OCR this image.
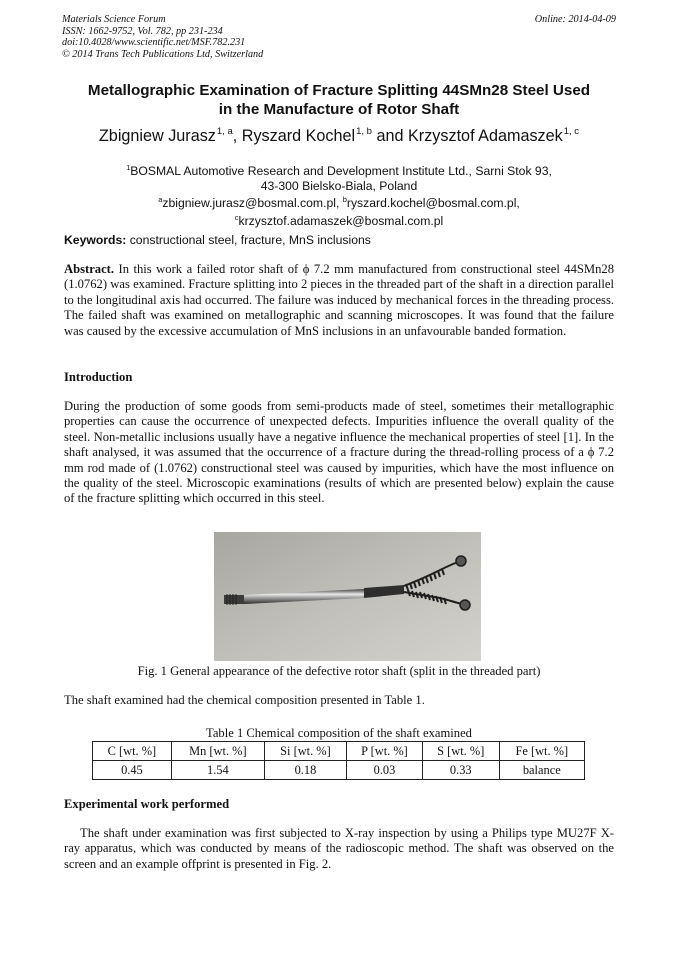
Materials Science Forum
ISSN: 1662-9752, Vol. 782, pp 231-234
doi:10.4028/www.scientific.net/MSF.782.231
© 2014 Trans Tech Publications Ltd, Switzerland
Online: 2014-04-09
Metallographic Examination of Fracture Splitting 44SMn28 Steel Used
in the Manufacture of Rotor Shaft
Zbigniew Jurasz$^{1, a}$, Ryszard Kochel$^{1, b}$ and Krzysztof Adamaszek$^{1, c}$
$^1$BOSMAL Automotive Research and Development Institute Ltd., Sarni Stok 93,
43-300 Bielsko-Biala, Poland
$^a$zbigniew.jurasz@bosmal.com.pl, $^b$ryszard.kochel@bosmal.com.pl,
$^c$krzysztof.adamaszek@bosmal.com.pl
Keywords: constructional steel, fracture, MnS inclusions

Abstract. In this work a failed rotor shaft of ϕ 7.2 mm manufactured from constructional steel 44SMn28 (1.0762) was examined. Fracture splitting into 2 pieces in the threaded part of the shaft in a direction parallel to the longitudinal axis had occurred. The failure was induced by mechanical forces in the threading process. The failed shaft was examined on metallographic and scanning microscopes. It was found that the failure was caused by the excessive accumulation of MnS inclusions in an unfavourable banded formation.

Introduction

During the production of some goods from semi-products made of steel, sometimes their metallographic properties can cause the occurrence of unexpected defects. Impurities influence the overall quality of the steel. Non-metallic inclusions usually have a negative influence the mechanical properties of steel [1]. In the shaft analysed, it was assumed that the occurrence of a fracture during the thread-rolling process of a ϕ 7.2 mm rod made of (1.0762) constructional steel was caused by impurities, which have the most influence on the quality of the steel. Microscopic examinations (results of which are presented below) explain the cause of the fracture splitting which occurred in this steel.

Fig. 1 General appearance of the defective rotor shaft (split in the threaded part)
The shaft examined had the chemical composition presented in Table 1.
Table 1 Chemical composition of the shaft examined
C [wt. %]	Mn [wt. %]	Si [wt. %]	P [wt. %]	S [wt. %]	Fe [wt. %]
0.45	1.54	0.18	0.03	0.33	balance
Experimental work performed

The shaft under examination was first subjected to X-ray inspection by using a Philips type MU27F X-ray apparatus, which was conducted by means of the radioscopic method. The shaft was observed on the screen and an example offprint is presented in Fig. 2.
